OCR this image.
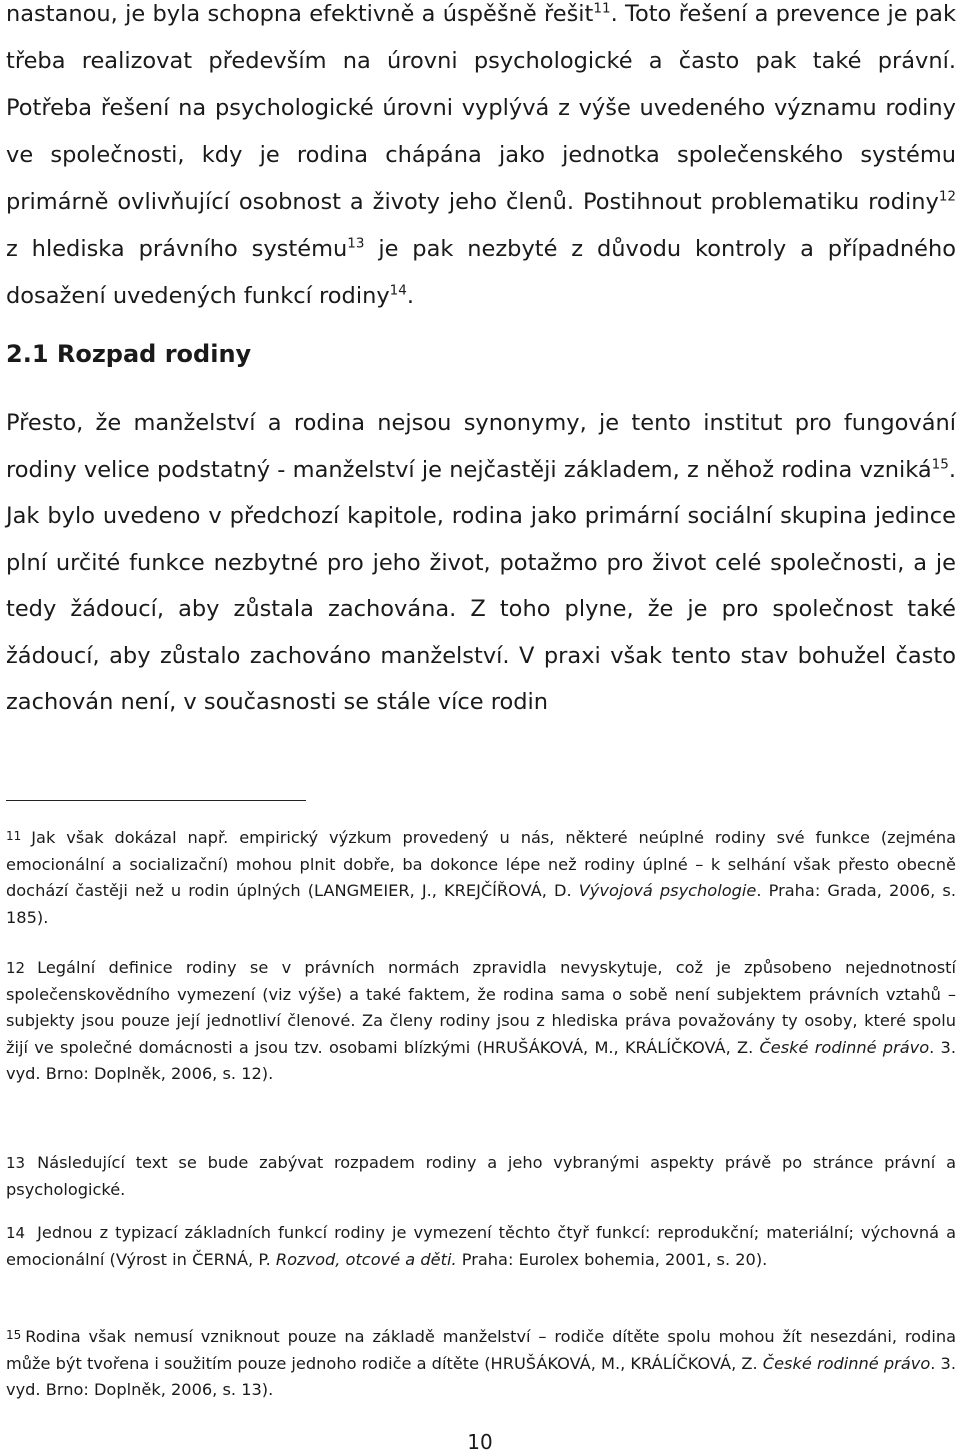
nastanou, je byla schopna efektivně a úspěšně řešit$^{11}$. Toto řešení a prevence je pak třeba realizovat především na úrovni psychologické a často pak také právní. Potřeba řešení na psychologické úrovni vyplývá z výše uvedeného významu rodiny ve společnosti, kdy je rodina chápána jako jednotka společenského systému primárně ovlivňující osobnost a životy jeho členů. Postihnout problematiku rodiny$^{12}$ z hlediska právního systému$^{13}$ je pak nezbyté z důvodu kontroly a případného dosažení uvedených funkcí rodiny$^{14}$.

2.1 Rozpad rodiny

Přesto, že manželství a rodina nejsou synonymy, je tento institut pro fungování rodiny velice podstatný - manželství je nejčastěji základem, z něhož rodina vzniká$^{15}$. Jak bylo uvedeno v předchozí kapitole, rodina jako primární sociální skupina jedince plní určité funkce nezbytné pro jeho život, potažmo pro život celé společnosti, a je tedy žádoucí, aby zůstala zachována. Z toho plyne, že je pro společnost také žádoucí, aby zůstalo zachováno manželství. V praxi však tento stav bohužel často zachován není, v současnosti se stále více rodin

11 Jak však dokázal např. empirický výzkum provedený u nás, některé neúplné rodiny své funkce (zejména emocionální a socializační) mohou plnit dobře, ba dokonce lépe než rodiny úplné – k selhání však přesto obecně dochází častěji než u rodin úplných (LANGMEIER, J., KREJČÍŘOVÁ, D. Vývojová psychologie. Praha: Grada, 2006, s. 185).

12 Legální definice rodiny se v právních normách zpravidla nevyskytuje, což je způsobeno nejednotností společenskovědního vymezení (viz výše) a také faktem, že rodina sama o sobě není subjektem právních vztahů – subjekty jsou pouze její jednotliví členové. Za členy rodiny jsou z hlediska práva považovány ty osoby, které spolu žijí ve společné domácnosti a jsou tzv. osobami blízkými (HRUŠÁKOVÁ, M., KRÁLÍČKOVÁ, Z. České rodinné právo. 3. vyd. Brno: Doplněk, 2006, s. 12).

13 Následující text se bude zabývat rozpadem rodiny a jeho vybranými aspekty právě po stránce právní a psychologické.

14 Jednou z typizací základních funkcí rodiny je vymezení těchto čtyř funkcí: reprodukční; materiální; výchovná a emocionální (Výrost in ČERNÁ, P. Rozvod, otcové a děti. Praha: Eurolex bohemia, 2001, s. 20).

15 Rodina však nemusí vzniknout pouze na základě manželství – rodiče dítěte spolu mohou žít nesezdáni, rodina může být tvořena i soužitím pouze jednoho rodiče a dítěte (HRUŠÁKOVÁ, M., KRÁLÍČKOVÁ, Z. České rodinné právo. 3. vyd. Brno: Doplněk, 2006, s. 13).

10
